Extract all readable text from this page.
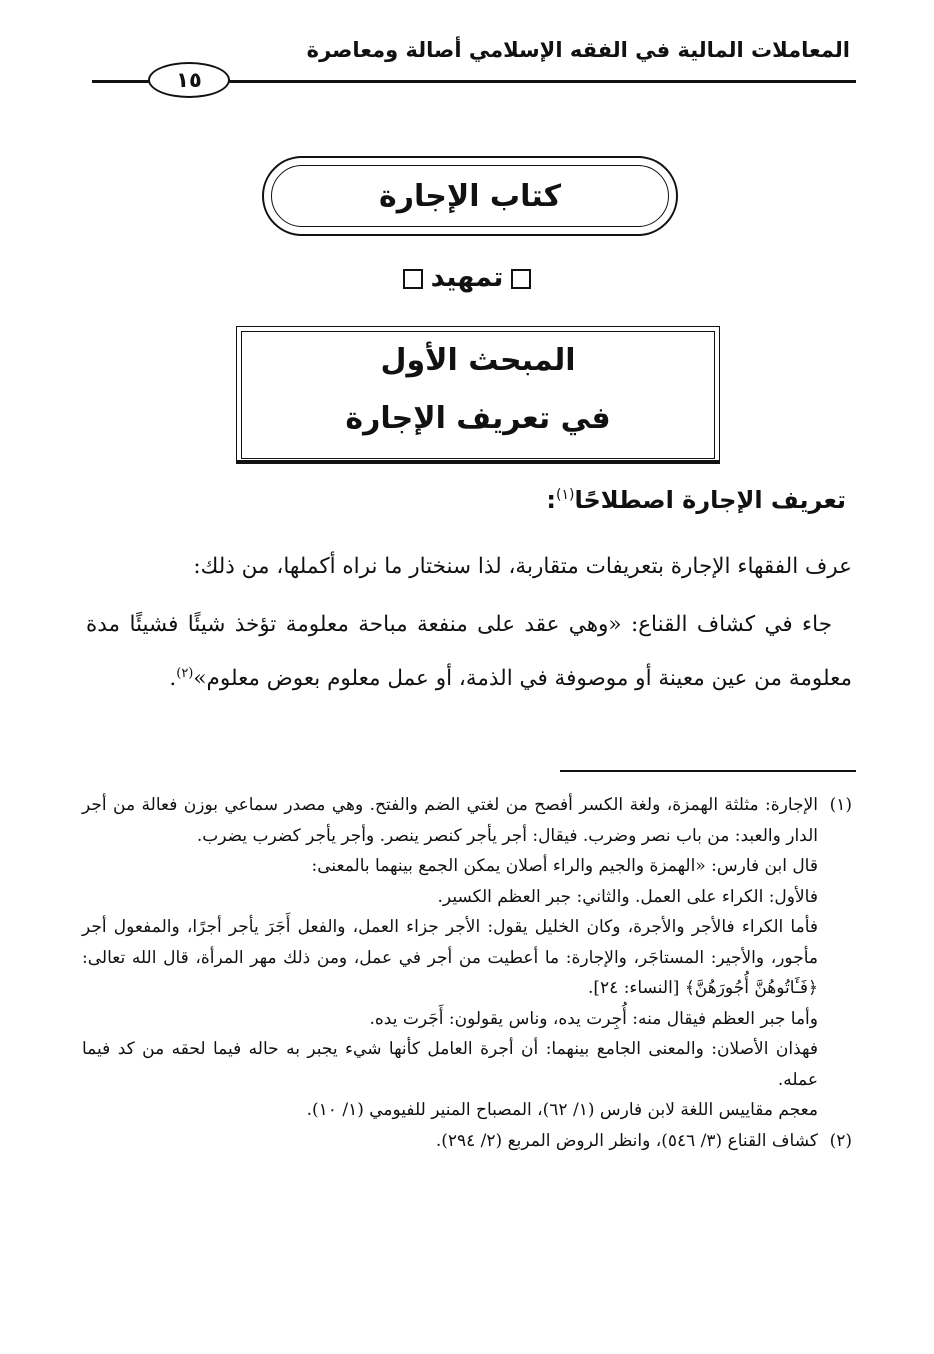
المعاملات المالية في الفقه الإسلامي أصالة ومعاصرة
١٥
كتاب الإجارة
تمهيد
المبحث الأول
في تعريف الإجارة
تعريف الإجارة اصطلاحًا$^{(١)}$:
عرف الفقهاء الإجارة بتعريفات متقاربة، لذا سنختار ما نراه أكملها، من ذلك:
جاء في كشاف القناع: «وهي عقد على منفعة مباحة معلومة تؤخذ شيئًا فشيئًا مدة معلومة من عين معينة أو موصوفة في الذمة، أو عمل معلوم بعوض معلوم»$^{(٢)}$.
(١)

الإجارة: مثلثة الهمزة، ولغة الكسر أفصح من لغتي الضم والفتح. وهي مصدر سماعي بوزن فعالة من أجر الدار والعبد: من باب نصر وضرب. فيقال: أجر يأجر كنصر ينصر. وأجر يأجر كضرب يضرب.

قال ابن فارس: «الهمزة والجيم والراء أصلان يمكن الجمع بينهما بالمعنى:

فالأول: الكراء على العمل. والثاني: جبر العظم الكسير.

فأما الكراء فالأجر والأجرة، وكان الخليل يقول: الأجر جزاء العمل، والفعل أَجَرَ يأجر أجرًا، والمفعول أجر مأجور، والأجير: المستاجَر، والإجارة: ما أعطيت من أجر في عمل، ومن ذلك مهر المرأة، قال الله تعالى: ﴿فَـَٔاتُوهُنَّ أُجُورَهُنَّ﴾ [النساء: ٢٤].

وأما جبر العظم فيقال منه: أُجِرت يده، وناس يقولون: أَجَرت يده.

فهذان الأصلان: والمعنى الجامع بينهما: أن أجرة العامل كأنها شيء يجبر به حاله فيما لحقه من كد فيما عمله.

معجم مقاييس اللغة لابن فارس (١/ ٦٢)، المصباح المنير للفيومي (١/ ١٠).

(٢)

كشاف القناع (٣/ ٥٤٦)، وانظر الروض المربع (٢/ ٢٩٤).
